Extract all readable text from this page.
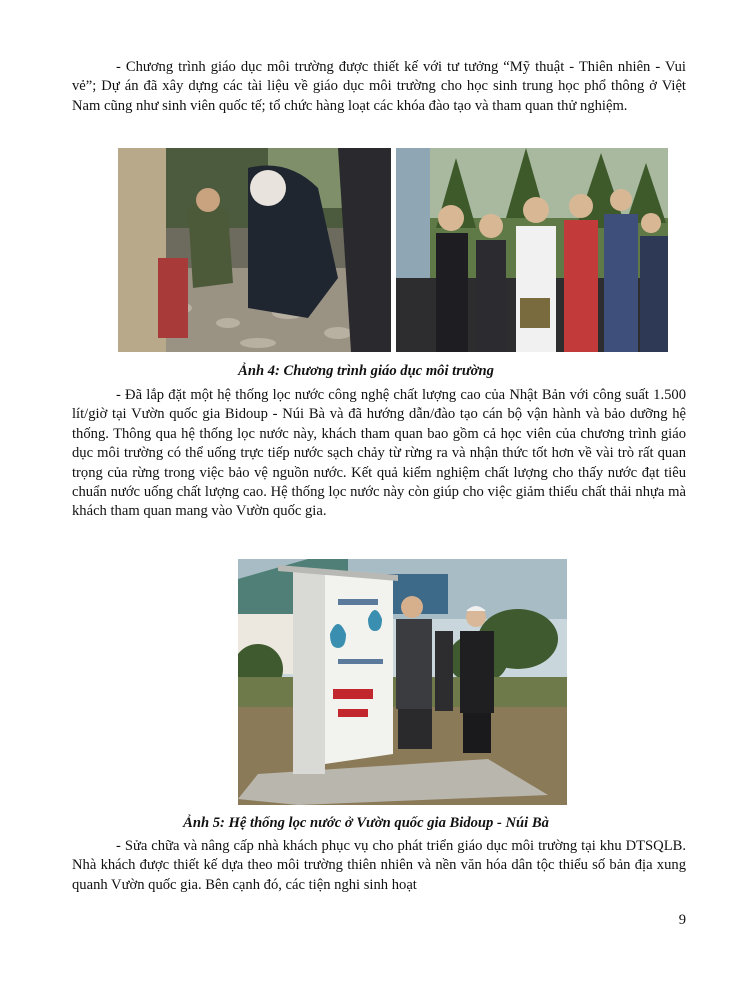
- Chương trình giáo dục môi trường được thiết kế với tư tưởng “Mỹ thuật - Thiên nhiên - Vui vẻ”; Dự án đã xây dựng các tài liệu về giáo dục môi trường cho học sinh trung học phổ thông ở Việt Nam cũng như sinh viên quốc tế; tổ chức hàng loạt các khóa đào tạo và tham quan thử nghiệm.

Ảnh 4: Chương trình giáo dục môi trường

- Đã lắp đặt một hệ thống lọc nước công nghệ chất lượng cao của Nhật Bản với công suất 1.500 lít/giờ tại Vườn quốc gia Bidoup - Núi Bà và đã hướng dẫn/đào tạo cán bộ vận hành và bảo dưỡng hệ thống. Thông qua hệ thống lọc nước này, khách tham quan bao gồm cả học viên của chương trình giáo dục môi trường có thể uống trực tiếp nước sạch chảy từ rừng ra và nhận thức tốt hơn về vài trò rất quan trọng của rừng trong việc bảo vệ nguồn nước. Kết quả kiểm nghiệm chất lượng cho thấy nước đạt tiêu chuẩn nước uống chất lượng cao. Hệ thống lọc nước này còn giúp cho việc giảm thiểu chất thải nhựa mà khách tham quan mang vào Vườn quốc gia.

Ảnh 5: Hệ thống lọc nước ở Vườn quốc gia Bidoup - Núi Bà

- Sửa chữa và nâng cấp nhà khách phục vụ cho phát triển giáo dục môi trường tại khu DTSQLB. Nhà khách được thiết kế dựa theo môi trường thiên nhiên và nền văn hóa dân tộc thiểu số bản địa xung quanh Vườn quốc gia. Bên cạnh đó, các tiện nghi sinh hoạt

9
